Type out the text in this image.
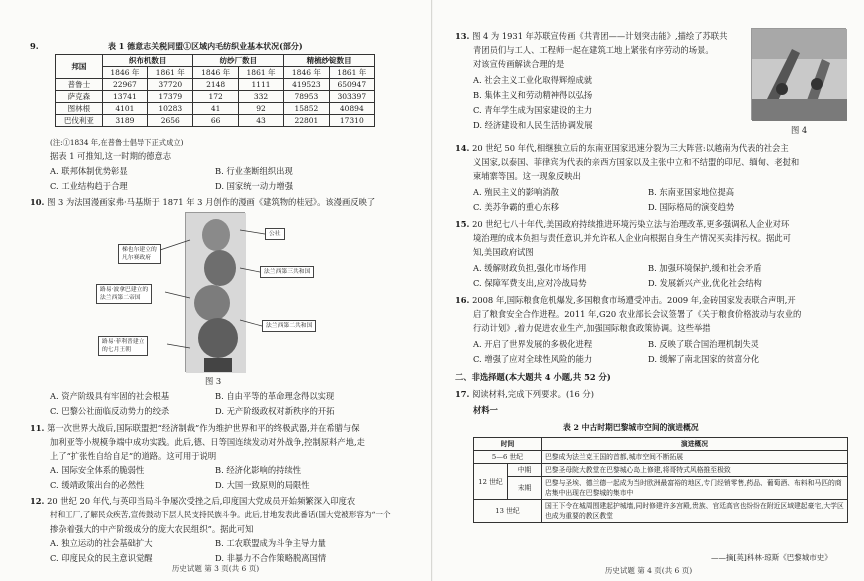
9.	表 1 德意志关税同盟①区域内毛纺织业基本状况(部分)
邦国	织布机数目		纺纱厂数目		精梳纱锭数目	
	1846 年	1861 年	1846 年	1861 年	1846 年	1861 年
普鲁士	22967	37720	2148	1111	419523	650947
萨克森	13741	17379	172	332	78953	303397
图林根	4101	10283	41	92	15852	40894
巴伐利亚	3189	2656	66	43	22801	17310
(注:①1834 年,在普鲁士倡导下正式成立)
据表 1 可推知,这一时期的德意志
A. 联邦体制优势彰显	B. 行业垄断组织出现
C. 工业结构趋于合理	D. 国家统一动力增强
10. 图 3 为法国漫画家弗·马基斯于 1871 年 3 月创作的漫画《建筑物的桂冠》。该漫画反映了
梯也尔建立的
凡尔赛政府
公社
法兰西第三共和国
路易·波拿巴建立的
法兰西第二帝国
法兰西第二共和国
路易·菲利普建立
的七月王朝
图 3
A. 资产阶级具有牢固的社会根基	B. 自由平等的革命理念得以实现
C. 巴黎公社面临反动势力的绞杀	D. 无产阶级政权对新秩序的开拓
11. 第一次世界大战后,国际联盟把“经济制裁”作为维护世界和平的终极武器,并在希腊与保
加利亚等小规模争端中成功实践。此后,德、日等国连续发动对外战争,控制原料产地,走
上了“扩张性自给自足”的道路。这可用于说明
A. 国际安全体系的脆弱性	B. 经济化影响的持续性
C. 缓靖政策出台的必然性	D. 大国一致原则的局限性
12. 20 世纪 20 年代,与英印当局斗争屡次受挫之后,印度国大党成员开始频繁深入印度农
村和工厂,了解民众疾苦,宣传鼓动下层人民支持民族斗争。此后,甘地发表此番话(国大党被形容为“一个
掺杂着强大的中产阶级成分的庞大农民组织”。据此可知
A. 独立运动的社会基础扩大	B. 工农联盟成为斗争主导力量
C. 印度民众的民主意识觉醒	D. 非暴力不合作策略脱离国情
历史试题 第 3 页(共 6 页)
13. 图 4 为 1931 年苏联宣传画《共青团——计划突击能》,描绘了苏联共
青团员们与工人、工程师一起在建筑工地上紧张有序劳动的场景。
对该宣传画解读合理的是
A. 社会主义工业化取得辉煌成就
B. 集体主义和劳动精神得以弘扬
C. 青年学生成为国家建设的主力
D. 经济建设和人民生活协调发展	图 4
14. 20 世纪 50 年代,相继独立后的东南亚国家迅速分裂为三大阵营:以越南为代表的社会主
义国家,以泰国、菲律宾为代表的亲西方国家以及主张中立和不结盟的印尼、缅甸、老挝和
柬埔寨等国。这一现象反映出
A. 殖民主义的影响消散	B. 东南亚国家地位提高
C. 美苏争霸的重心东移	D. 国际格局的演变趋势
15. 20 世纪七八十年代,美国政府持续推进环境污染立法与治理改革,更多强调私人企业对环
境治理的成本负担与责任意识,并允许私人企业向根据自身生产情况买卖排污权。据此可
知,美国政府试图
A. 缓解财政负担,强化市场作用	B. 加强环境保护,缓和社会矛盾
C. 保障军费支出,应对冷战局势	D. 发展新兴产业,优化社会结构
16. 2008 年,国际粮食危机爆发,多国粮食市场遭受冲击。2009 年,金砖国家发表联合声明,开
启了粮食安全合作进程。2011 年,G20 农业部长会议签署了《关于粮食价格波动与农业的
行动计划》,着力促进农业生产,加强国际粮食政策协调。这些举措
A. 开启了世界发展的多极化进程	B. 反映了联合国治理机制失灵
C. 增强了应对全球性风险的能力	D. 缓解了南北国家的贫富分化
二、非选择题(本大题共 4 小题,共 52 分)
17. 阅读材料,完成下列要求。(16 分)
材料一
表 2 中古时期巴黎城市空间的演进概况
时间		演进概况
5—6 世纪		巴黎成为法兰克王国的首都,城市空间不断拓展
12 世纪	中期	巴黎圣母院大教堂在巴黎城心岛上修建,将哥特式风格推至极致
	末期	巴黎与圣埃、德兰德一起成为当时欧洲最富裕的地区,专门经销零售,药品、葡萄酒、布料和马匹的商店集中出现在巴黎城的集市中
13 世纪		国王下令在城周围建起护城墙,同时修建许多宫殿,贵族、官廷高官也纷纷在附近区域建起豪宅,大学区也成为重要的教区教堂
——摘[英]科林·琼斯《巴黎城市史》
历史试题 第 4 页(共 6 页)
